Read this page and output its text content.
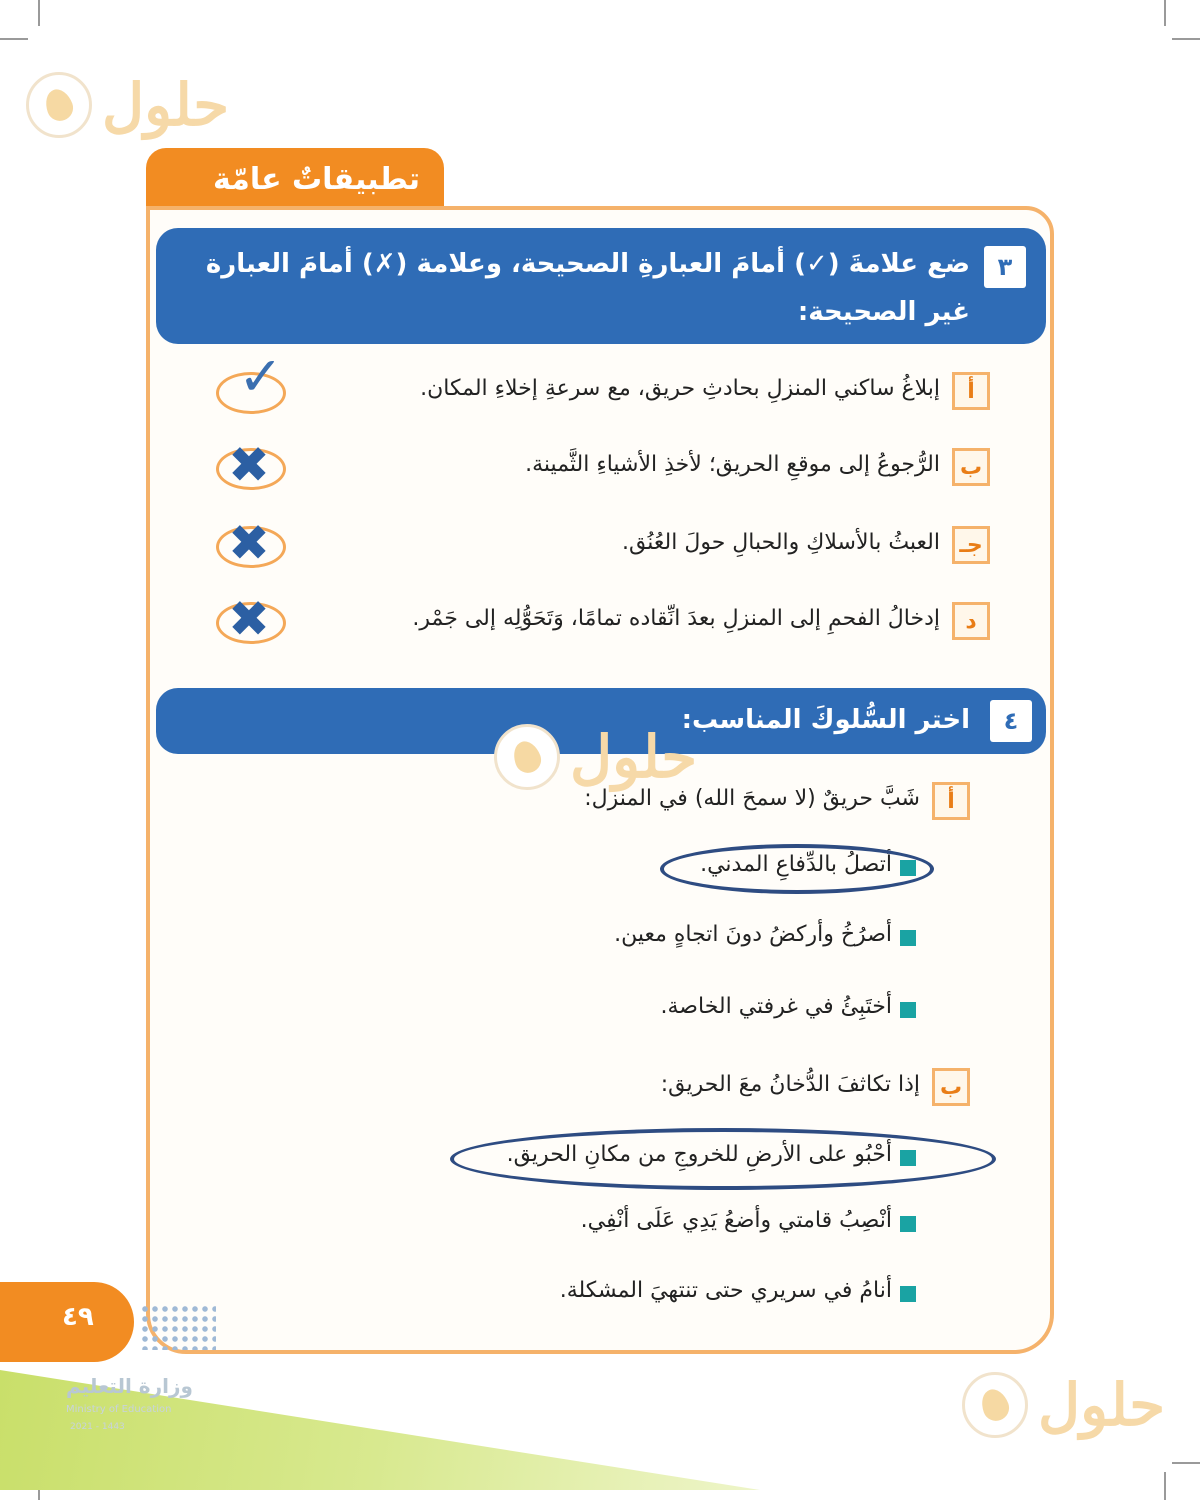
حلول
تطبيقاتٌ عامّة
٣
ضع علامةَ (✓) أمامَ العبارةِ الصحيحة، وعلامة (✗) أمامَ العبارة غير الصحيحة:
أ
إبلاغُ ساكني المنزلِ بحادثِ حريق، مع سرعةِ إخلاءِ المكان.
✓
ب
الرُّجوعُ إلى موقعِ الحريق؛ لأخذِ الأشياءِ الثَّمينة.
✖
جـ
العبثُ بالأسلاكِ والحبالِ حولَ العُنُق.
✖
د
إدخالُ الفحمِ إلى المنزلِ بعدَ انِّقاده تمامًا، وَتَحَوُّلِه إلى جَمْر.
✖
٤
اختر السُّلوكَ المناسب:
حلول
أ
شَبَّ حريقٌ (لا سمحَ الله) في المنزل:
أتصلُ بالدِّفاعِ المدني.
أصرُخُ وأركضُ دونَ اتجاهٍ معين.
أختَبِئُ في غرفتي الخاصة.
ب
إذا تكاثفَ الدُّخانُ معَ الحريق:
أحْبُو على الأرضِ للخروجِ من مكانِ الحريق.
أنْصِبُ قامتي وأضعُ يَدِي عَلَى أنْفِي.
أنامُ في سريري حتى تنتهيَ المشكلة.
٤٩
وزارة التعليم
Ministry of Education
2021 - 1443	حلول
